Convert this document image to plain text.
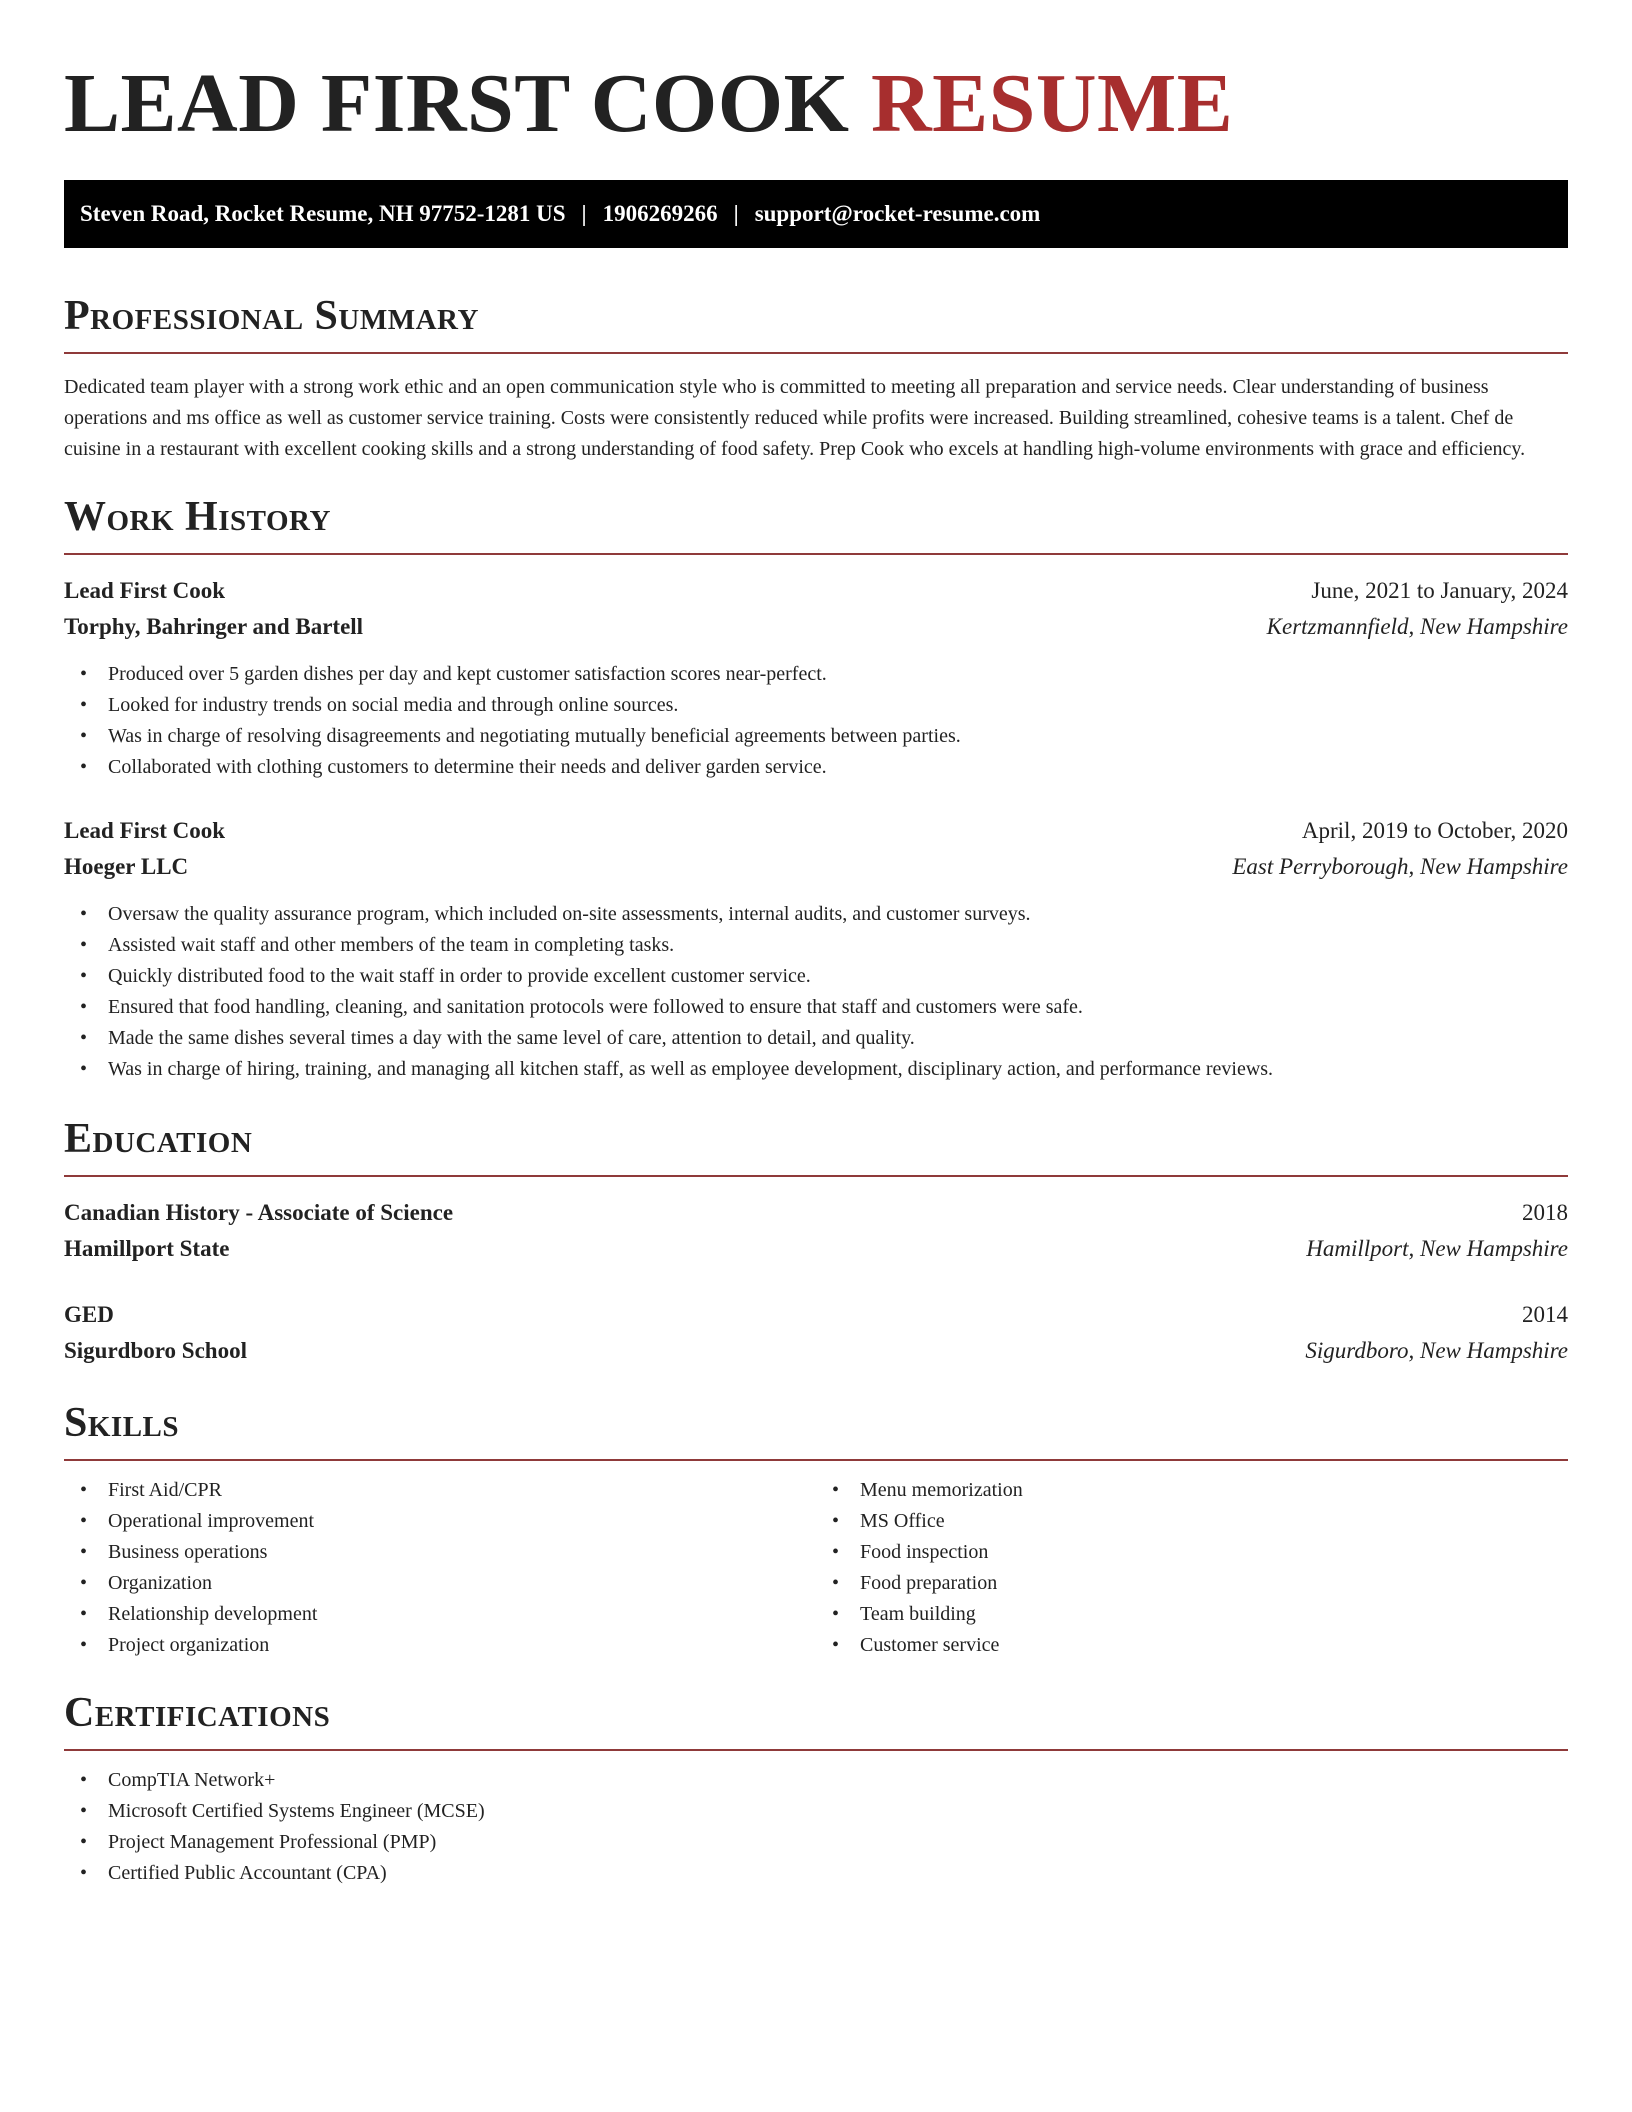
LEAD FIRST COOK RESUME
Steven Road, Rocket Resume, NH 97752-1281 US | 1906269266 | support@rocket-resume.com
Professional Summary

Dedicated team player with a strong work ethic and an open communication style who is committed to meeting all preparation and service needs. Clear understanding of business operations and ms office as well as customer service training. Costs were consistently reduced while profits were increased. Building streamlined, cohesive teams is a talent. Chef de cuisine in a restaurant with excellent cooking skills and a strong understanding of food safety. Prep Cook who excels at handling high-volume environments with grace and efficiency.

Work History
Lead First Cook	June, 2021 to January, 2024
Torphy, Bahringer and Bartell	Kertzmannfield, New Hampshire
• Produced over 5 garden dishes per day and kept customer satisfaction scores near-perfect.
• Looked for industry trends on social media and through online sources.
• Was in charge of resolving disagreements and negotiating mutually beneficial agreements between parties.
• Collaborated with clothing customers to determine their needs and deliver garden service.
Lead First Cook	April, 2019 to October, 2020
Hoeger LLC	East Perryborough, New Hampshire
• Oversaw the quality assurance program, which included on-site assessments, internal audits, and customer surveys.
• Assisted wait staff and other members of the team in completing tasks.
• Quickly distributed food to the wait staff in order to provide excellent customer service.
• Ensured that food handling, cleaning, and sanitation protocols were followed to ensure that staff and customers were safe.
• Made the same dishes several times a day with the same level of care, attention to detail, and quality.
• Was in charge of hiring, training, and managing all kitchen staff, as well as employee development, disciplinary action, and performance reviews.
Education
Canadian History - Associate of Science	2018
Hamillport State	Hamillport, New Hampshire
GED	2014
Sigurdboro School	Sigurdboro, New Hampshire
Skills
• First Aid/CPR
• Operational improvement
• Business operations
• Organization
• Relationship development
• Project organization
• Menu memorization
• MS Office
• Food inspection
• Food preparation
• Team building
• Customer service
Certifications
• CompTIA Network+
• Microsoft Certified Systems Engineer (MCSE)
• Project Management Professional (PMP)
• Certified Public Accountant (CPA)
